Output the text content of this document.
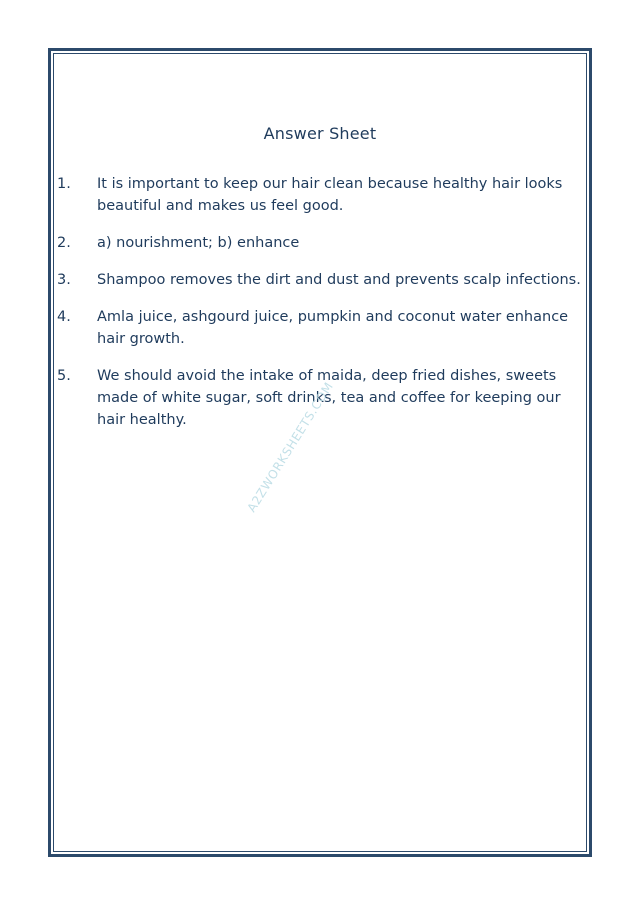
Answer Sheet
1. It is important to keep our hair clean because healthy hair looks beautiful and makes us feel good.
2. a) nourishment; b) enhance
3. Shampoo removes the dirt and dust and prevents scalp infections.
4. Amla juice, ashgourd juice, pumpkin and coconut water enhance hair growth.
5. We should avoid the intake of maida, deep fried dishes, sweets made of white sugar, soft drinks, tea and coffee for keeping our hair healthy.	A2ZWORKSHEETS.COM
